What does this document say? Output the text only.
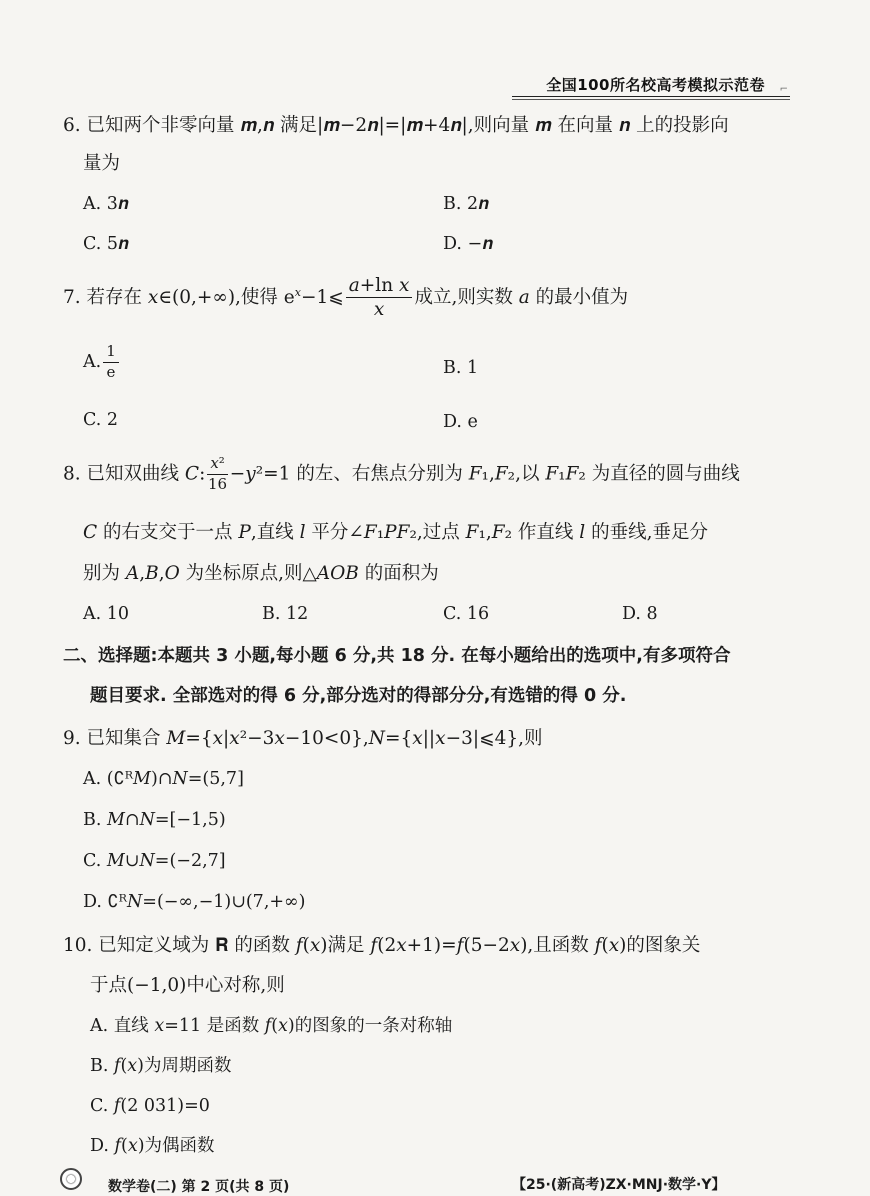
全国100所名校高考模拟示范卷 ⌐
6. 已知两个非零向量 𝒎,𝒏 满足|𝒎−2𝒏|=|𝒎+4𝒏|,则向量 𝒎 在向量 𝒏 上的投影向
量为
A. 3𝒏	B. 2𝒏
C. 5𝒏	D. −𝒏
7. 若存在 𝑥∈(0,+∞),使得 $e^𝑥-1⩽ \frac{\text{𝑎+ln 𝑥}}{\text{𝑥}}$ 成立,则实数 𝑎 的最小值为
A. $\frac{1}{e}$	B. 1
C. 2	D. e
8. 已知双曲线 𝐶: $\frac{\text{𝑥²}}{16}$ −𝑦²=1 的左、右焦点分别为 𝐹₁,𝐹₂,以 𝐹₁𝐹₂ 为直径的圆与曲线
𝐶 的右支交于一点 𝑃,直线 𝑙 平分∠𝐹₁𝑃𝐹₂,过点 𝐹₁,𝐹₂ 作直线 𝑙 的垂线,垂足分
别为 𝐴,𝐵,𝑂 为坐标原点,则△𝐴𝑂𝐵 的面积为
A. 10	B. 12	C. 16	D. 8
二、选择题:本题共 3 小题,每小题 6 分,共 18 分. 在每小题给出的选项中,有多项符合
题目要求. 全部选对的得 6 分,部分选对的得部分分,有选错的得 0 分.
9. 已知集合 𝑀={𝑥|𝑥²−3𝑥−10<0},𝑁={𝑥||𝑥−3|⩽4},则
A. (∁ᴿ𝑀)∩𝑁=(5,7]
B. 𝑀∩𝑁=[−1,5)
C. 𝑀∪𝑁=(−2,7]
D. ∁ᴿ𝑁=(−∞,−1)∪(7,+∞)
10. 已知定义域为 𝐑 的函数 𝑓(𝑥)满足 𝑓(2𝑥+1)=𝑓(5−2𝑥),且函数 𝑓(𝑥)的图象关
于点(−1,0)中心对称,则
A. 直线 𝑥=11 是函数 𝑓(𝑥)的图象的一条对称轴
B. 𝑓(𝑥)为周期函数
C. 𝑓(2 031)=0
D. 𝑓(𝑥)为偶函数
数学卷(二) 第 2 页(共 8 页)	【25·(新高考)ZX·MNJ·数学·Y】
